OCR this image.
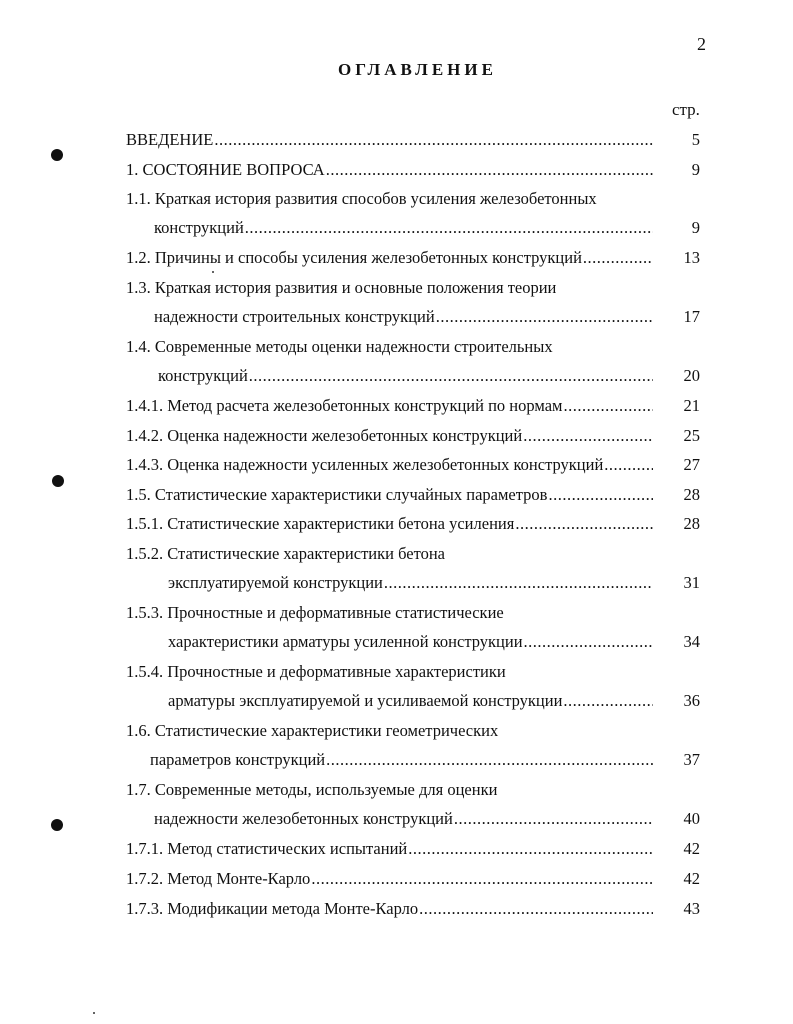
2
ОГЛАВЛЕНИЕ
стр.
ВВЕДЕНИЕ .....	5
1. СОСТОЯНИЕ ВОПРОСА .....	9
1.1. Краткая история развития способов усиления железобетонных
конструкций .....	9
1.2. Причины и способы усиления железобетонных конструкций .....	13
1.3. Краткая история развития и основные положения теории
надежности строительных конструкций .....	17
1.4. Современные методы оценки надежности строительных
конструкций .....	20
1.4.1. Метод расчета железобетонных конструкций по нормам .....	21
1.4.2. Оценка надежности железобетонных конструкций .....	25
1.4.3. Оценка надежности усиленных железобетонных конструкций .....	27
1.5. Статистические характеристики случайных параметров .....	28
1.5.1. Статистические характеристики бетона усиления .....	28
1.5.2. Статистические характеристики бетона
эксплуатируемой конструкции .....	31
1.5.3. Прочностные и деформативные статистические
характеристики арматуры усиленной конструкции .....	34
1.5.4. Прочностные и деформативные характеристики
арматуры эксплуатируемой и усиливаемой конструкции .....	36
1.6. Статистические характеристики геометрических
параметров конструкций .....	37
1.7. Современные методы, используемые для оценки
надежности железобетонных конструкций .....	40
1.7.1. Метод статистических испытаний .....	42
1.7.2. Метод Монте-Карло .....	42
1.7.3. Модификации метода Монте-Карло .....	43
